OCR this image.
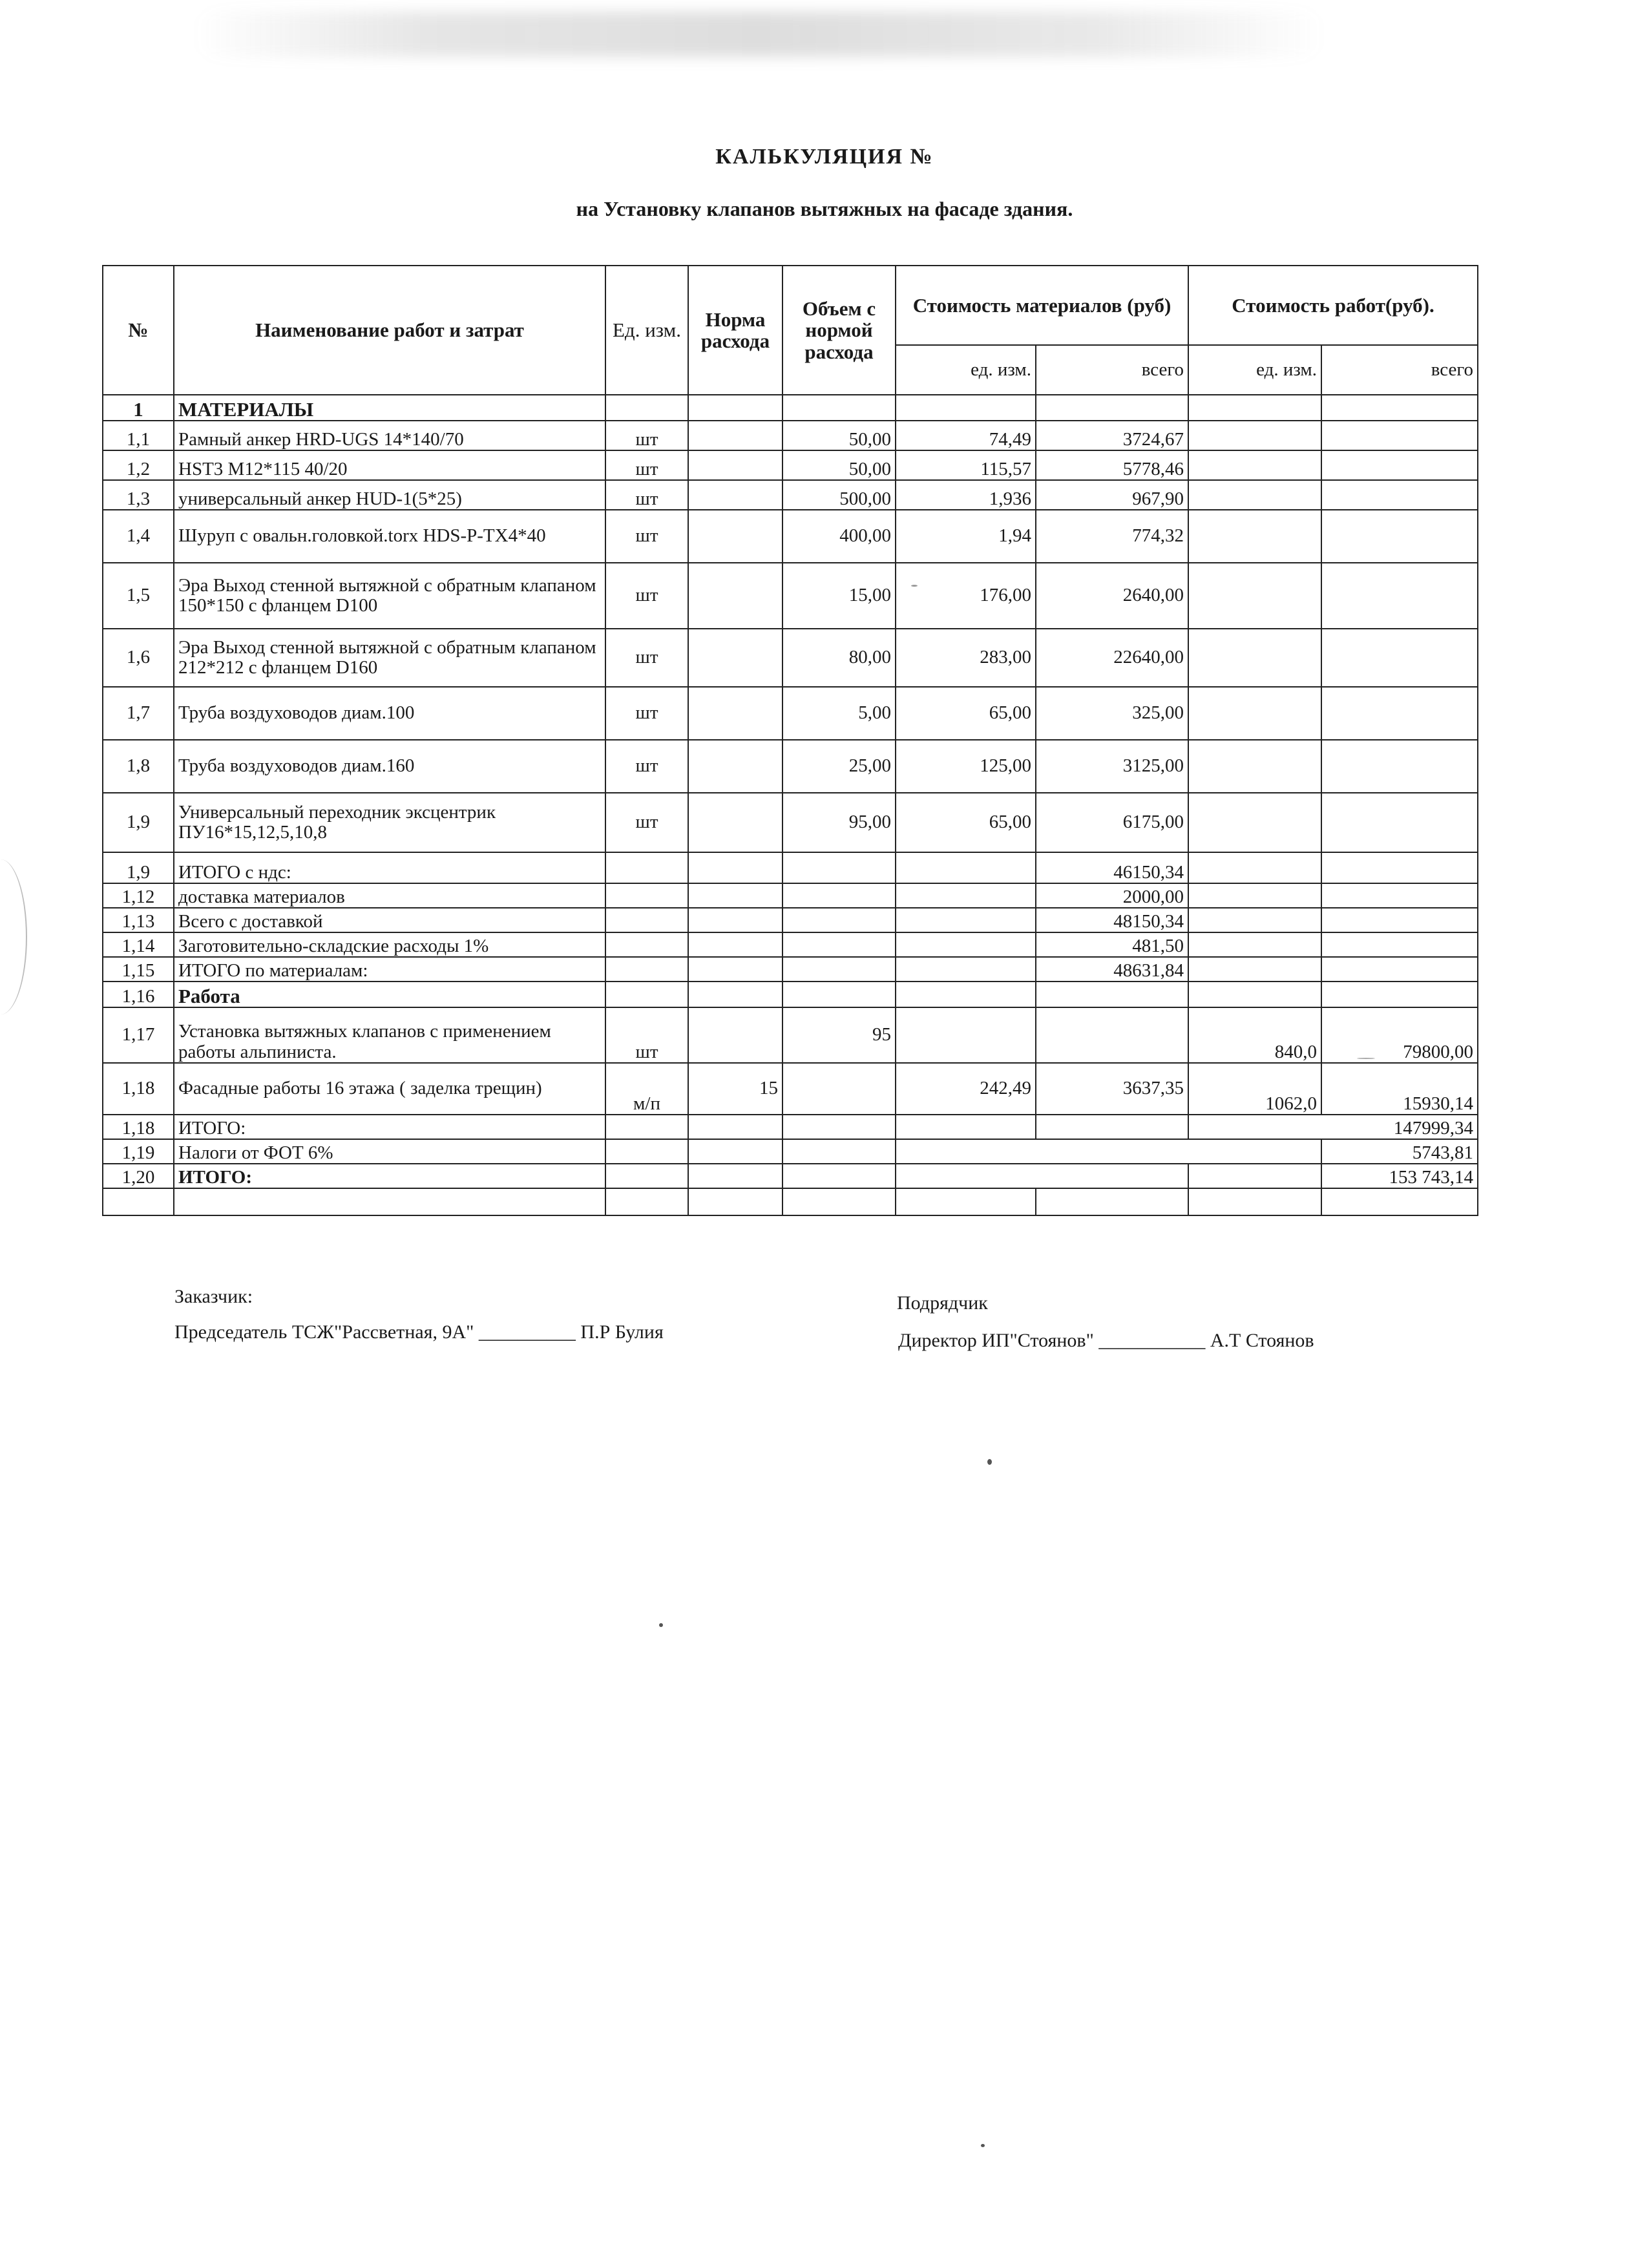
КАЛЬКУЛЯЦИЯ №
на Установку клапанов вытяжных на фасаде здания.
№	Наименование работ и затрат	Ед. изм.	Норма расхода	Объем с нормой расхода	Стоимость материалов (руб)		Стоимость работ(руб).	
					ед. изм.	всего	ед. изм.	всего
1	МАТЕРИАЛЫ							
1,1	Рамный анкер HRD-UGS 14*140/70	шт		50,00	74,49	3724,67		
1,2	HST3 M12*115 40/20	шт		50,00	115,57	5778,46		
1,3	универсальный анкер HUD-1(5*25)	шт		500,00	1,936	967,90		
1,4	Шуруп с овальн.головкой.torx HDS-P-TX4*40	шт		400,00	1,94	774,32		
1,5	Эра Выход стенной вытяжной с обратным клапаном 150*150 с фланцем D100	шт		15,00	176,00	2640,00		
1,6	Эра Выход стенной вытяжной с обратным клапаном 212*212 с фланцем D160	шт		80,00	283,00	22640,00		
1,7	Труба воздуховодов диам.100	шт		5,00	65,00	325,00		
1,8	Труба воздуховодов диам.160	шт		25,00	125,00	3125,00		
1,9	Универсальный переходник эксцентрик ПУ16*15,12,5,10,8	шт		95,00	65,00	6175,00		
1,9	ИТОГО с ндс:					46150,34		
1,12	доставка материалов					2000,00		
1,13	Всего с доставкой					48150,34		
1,14	Заготовительно-складские расходы 1%					481,50		
1,15	ИТОГО по материалам:					48631,84		
1,16	Работа							
1,17	Установка вытяжных клапанов с применением работы альпиниста.	шт		95			840,0	79800,00
1,18	Фасадные работы 16 этажа ( заделка трещин)	м/п	15		242,49	3637,35	1062,0	15930,14
1,18	ИТОГО:						147999,34	
1,19	Налоги от ФОТ 6%							5743,81
1,20	ИТОГО:							153 743,14

Заказчик:
Председатель ТСЖ"Рассветная, 9А" __________ П.Р Булия
Подрядчик
Директор ИП"Стоянов" ___________ А.Т Стоянов
